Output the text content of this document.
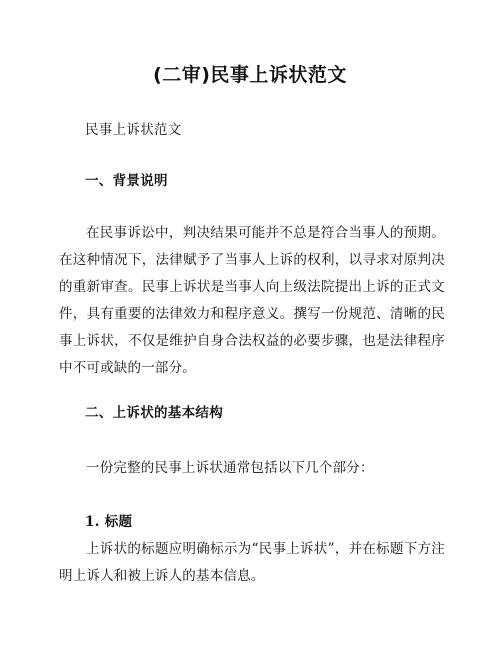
(二审)民事上诉状范文
民事上诉状范文
一、背景说明

在民事诉讼中，判决结果可能并不总是符合当事人的预期。在这种情况下，法律赋予了当事人上诉的权利，以寻求对原判决的重新审查。民事上诉状是当事人向上级法院提出上诉的正式文件，具有重要的法律效力和程序意义。撰写一份规范、清晰的民事上诉状，不仅是维护自身合法权益的必要步骤，也是法律程序中不可或缺的一部分。

二、上诉状的基本结构

一份完整的民事上诉状通常包括以下几个部分：

1. 标题

上诉状的标题应明确标示为“民事上诉状”，并在标题下方注明上诉人和被上诉人的基本信息。
